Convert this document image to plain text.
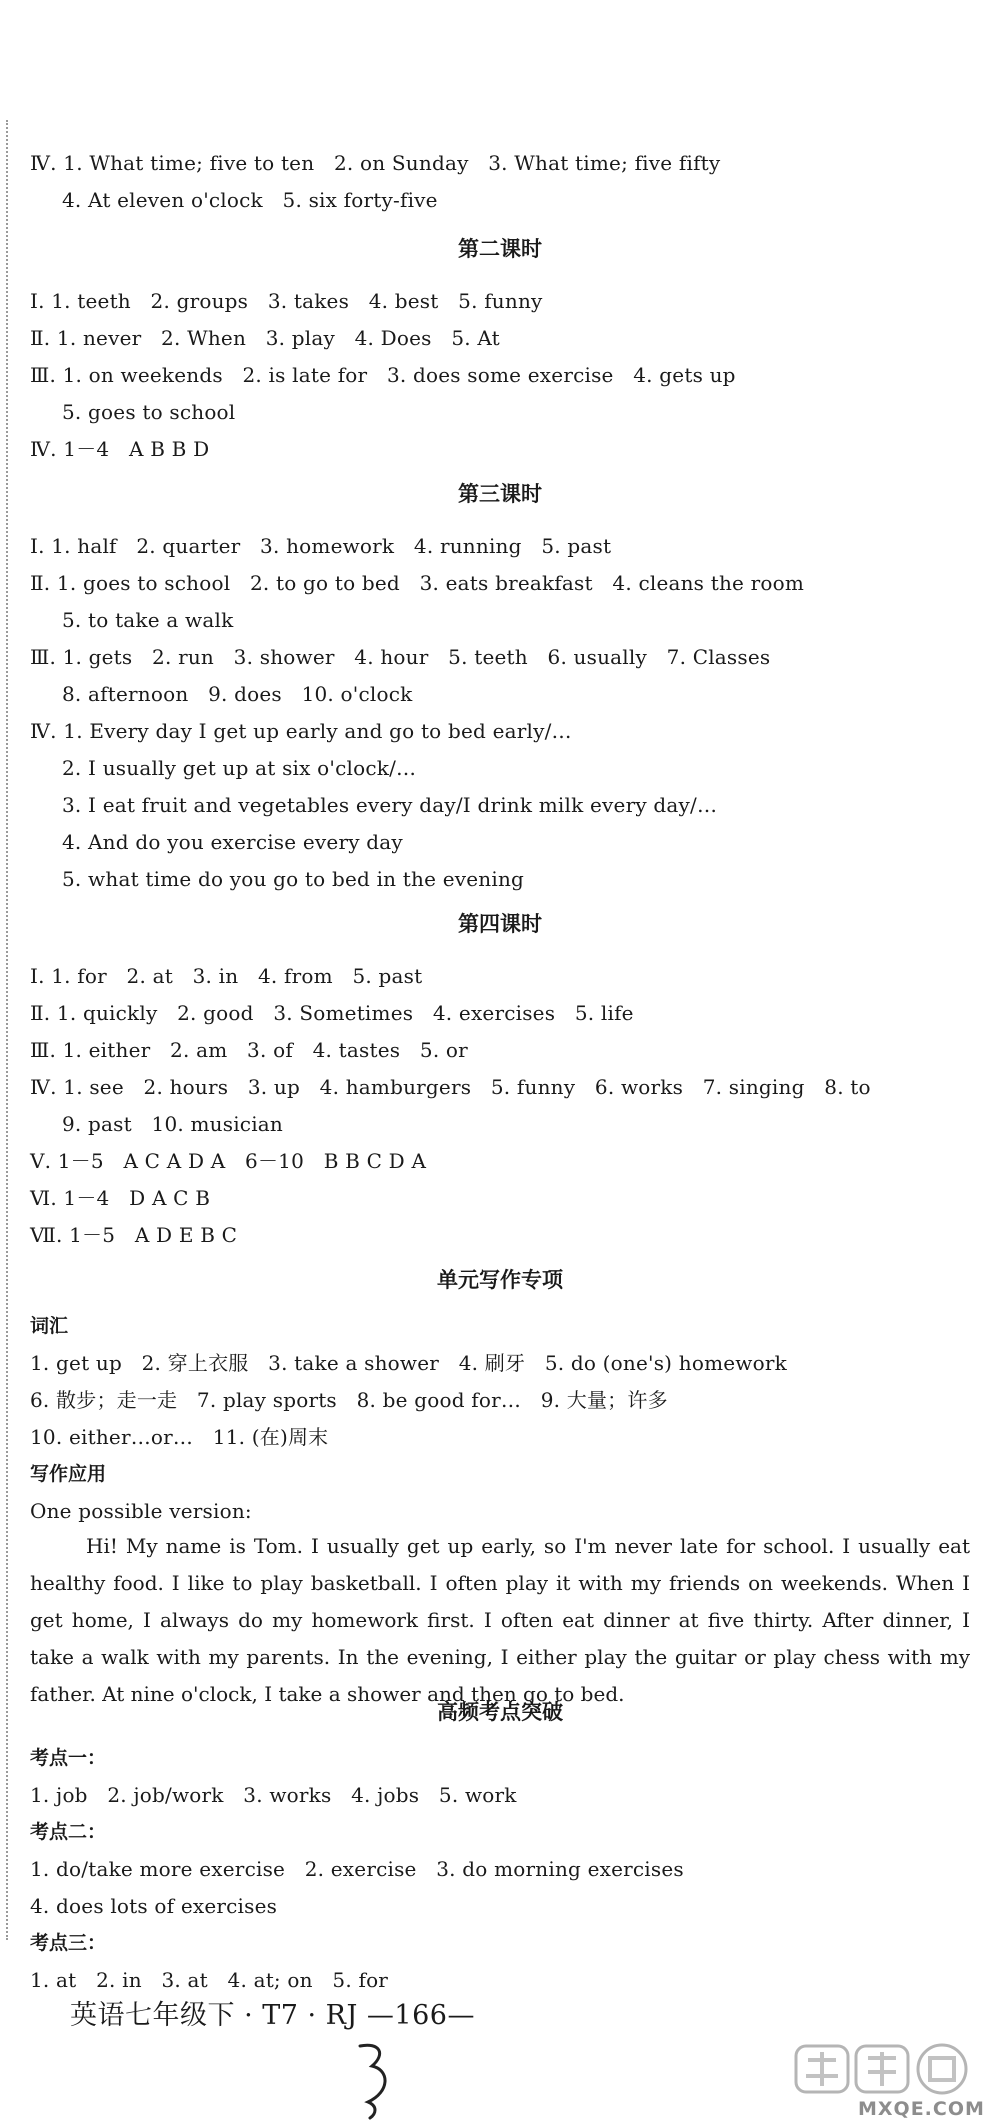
Ⅳ. 1. What time; five to ten   2. on Sunday   3. What time; five fifty
4. At eleven o'clock   5. six forty-five
第二课时
Ⅰ. 1. teeth   2. groups   3. takes   4. best   5. funny
Ⅱ. 1. never   2. When   3. play   4. Does   5. At
Ⅲ. 1. on weekends   2. is late for   3. does some exercise   4. gets up
5. goes to school
Ⅳ. 1－4   A B B D
第三课时
Ⅰ. 1. half   2. quarter   3. homework   4. running   5. past
Ⅱ. 1. goes to school   2. to go to bed   3. eats breakfast   4. cleans the room
5. to take a walk
Ⅲ. 1. gets   2. run   3. shower   4. hour   5. teeth   6. usually   7. Classes
8. afternoon   9. does   10. o'clock
Ⅳ. 1. Every day I get up early and go to bed early/…
2. I usually get up at six o'clock/…
3. I eat fruit and vegetables every day/I drink milk every day/…
4. And do you exercise every day
5. what time do you go to bed in the evening
第四课时
Ⅰ. 1. for   2. at   3. in   4. from   5. past
Ⅱ. 1. quickly   2. good   3. Sometimes   4. exercises   5. life
Ⅲ. 1. either   2. am   3. of   4. tastes   5. or
Ⅳ. 1. see   2. hours   3. up   4. hamburgers   5. funny   6. works   7. singing   8. to
9. past   10. musician
Ⅴ. 1－5   A C A D A   6－10   B B C D A
Ⅵ. 1－4   D A C B
Ⅶ. 1－5   A D E B C
单元写作专项
词汇
1. get up   2. 穿上衣服   3. take a shower   4. 刷牙   5. do (one's) homework
6. 散步；走一走   7. play sports   8. be good for…   9. 大量；许多
10. either…or…   11. (在)周末
写作应用
One possible version:
Hi! My name is Tom. I usually get up early, so I'm never late for school. I usually eat healthy food. I like to play basketball. I often play it with my friends on weekends. When I get home, I always do my homework first. I often eat dinner at five thirty. After dinner, I take a walk with my parents. In the evening, I either play the guitar or play chess with my father. At nine o'clock, I take a shower and then go to bed.
高频考点突破
考点一：
1. job   2. job/work   3. works   4. jobs   5. work
考点二：
1. do/take more exercise   2. exercise   3. do morning exercises
4. does lots of exercises
考点三：
1. at   2. in   3. at   4. at; on   5. for
英语七年级下 · T7 · RJ —166—
MXQE.COM
